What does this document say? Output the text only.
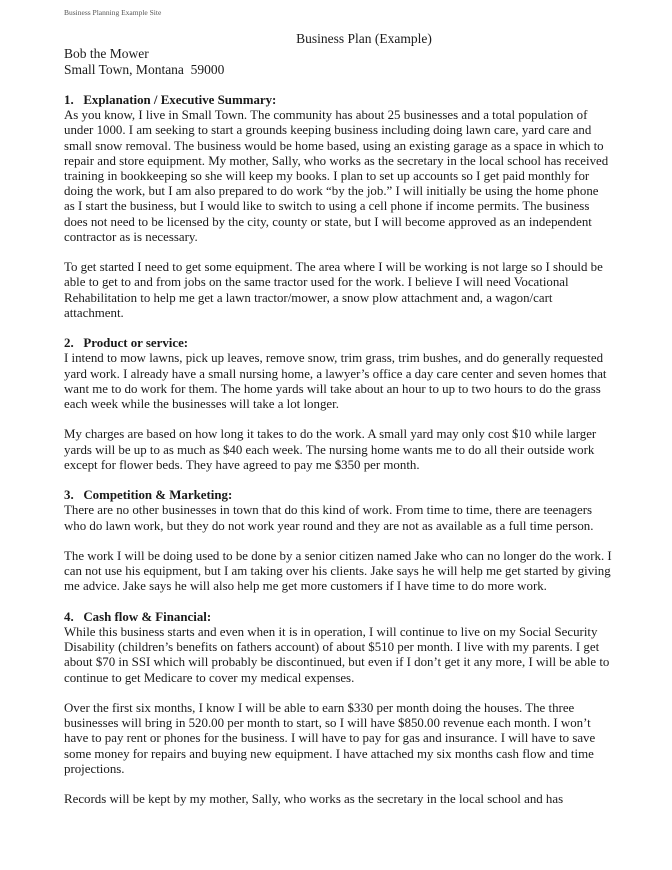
Business Planning Example Site
Business Plan (Example)
Bob the Mower
Small Town, Montana  59000
1.   Explanation / Executive Summary:

As you know, I live in Small Town. The community has about 25 businesses and a total population of under 1000. I am seeking to start a grounds keeping business including doing lawn care, yard care and small snow removal. The business would be home based, using an existing garage as a space in which to repair and store equipment. My mother, Sally, who works as the secretary in the local school has received training in bookkeeping so she will keep my books. I plan to set up accounts so I get paid monthly for doing the work, but I am also prepared to do work “by the job.” I will initially be using the home phone as I start the business, but I would like to switch to using a cell phone if income permits. The business does not need to be licensed by the city, county or state, but I will become approved as an independent contractor as is necessary.

To get started I need to get some equipment. The area where I will be working is not large so I should be able to get to and from jobs on the same tractor used for the work. I believe I will need Vocational Rehabilitation to help me get a lawn tractor/mower, a snow plow attachment and, a wagon/cart attachment.

2.   Product or service:

I intend to mow lawns, pick up leaves, remove snow, trim grass, trim bushes, and do generally requested yard work. I already have a small nursing home, a lawyer’s office a day care center and seven homes that want me to do work for them. The home yards will take about an hour to up to two hours to do the grass each week while the businesses will take a lot longer.

My charges are based on how long it takes to do the work. A small yard may only cost $10 while larger yards will be up to as much as $40 each week. The nursing home wants me to do all their outside work except for flower beds. They have agreed to pay me $350 per month.

3.   Competition & Marketing:

There are no other businesses in town that do this kind of work. From time to time, there are teenagers who do lawn work, but they do not work year round and they are not as available as a full time person.

The work I will be doing used to be done by a senior citizen named Jake who can no longer do the work. I can not use his equipment, but I am taking over his clients. Jake says he will help me get started by giving me advice. Jake says he will also help me get more customers if I have time to do more work.

4.   Cash flow & Financial:

While this business starts and even when it is in operation, I will continue to live on my Social Security Disability (children’s benefits on fathers account) of about $510 per month. I live with my parents. I get about $70 in SSI which will probably be discontinued, but even if I don’t get it any more, I will be able to continue to get Medicare to cover my medical expenses.

Over the first six months, I know I will be able to earn $330 per month doing the houses. The three businesses will bring in 520.00 per month to start, so I will have $850.00 revenue each month. I won’t have to pay rent or phones for the business. I will have to pay for gas and insurance. I will have to save some money for repairs and buying new equipment. I have attached my six months cash flow and time projections.

Records will be kept by my mother, Sally, who works as the secretary in the local school and has
